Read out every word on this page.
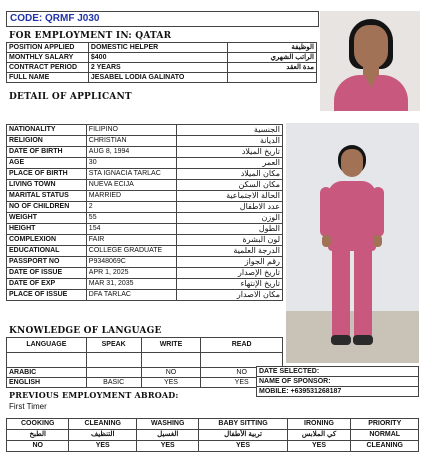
CODE: QRMF J030
FOR EMPLOYMENT IN: QATAR
POSITION APPLIED	DOMESTIC HELPER	الوظيفة
MONTHLY SALARY	$400	الراتب الشهري
CONTRACT PERIOD	2 YEARS	مدة العقد
FULL NAME	JESABEL LODIA GALINATO	
DETAIL OF APPLICANT
NATIONALITY	FILIPINO	الجنسية
RELIGION	CHRISTIAN	الديانة
DATE OF BIRTH	AUG 8, 1994	تاريخ الميلاد
AGE	30	العمر
PLACE OF BIRTH	STA IGNACIA TARLAC	مكان الميلاد
LIVING TOWN	NUEVA ECIJA	مكان السكن
MARITAL STATUS	MARRIED	الحالة الاجتماعية
NO OF CHILDREN	2	عدد الاطفال
WEIGHT	55	الوزن
HEIGHT	154	الطول
COMPLEXION	FAIR	لون البشرة
EDUCATIONAL	COLLEGE GRADUATE	الدرجة العلمية
PASSPORT NO	P9348069C	رقم الجواز
DATE OF ISSUE	APR 1, 2025	تاريخ الإصدار
DATE OF EXP	MAR 31, 2035	تاريخ الإنتهاء
PLACE OF ISSUE	DFA TARLAC	مكان الاصدار
KNOWLEDGE OF LANGUAGE
LANGUAGE	SPEAK	WRITE	READ

ARABIC		NO	NO
ENGLISH	BASIC	YES	YES
DATE SELECTED:
NAME OF SPONSOR:
MOBILE: +639531268187
PREVIOUS EMPLOYMENT ABROAD:
First Timer
COOKING	CLEANING	WASHING	BABY SITTING	IRONING	PRIORITY
الطبخ	التنظيف	الغسيل	تربية الأطفال	كي الملابس	NORMAL
NO	YES	YES	YES	YES	CLEANING
